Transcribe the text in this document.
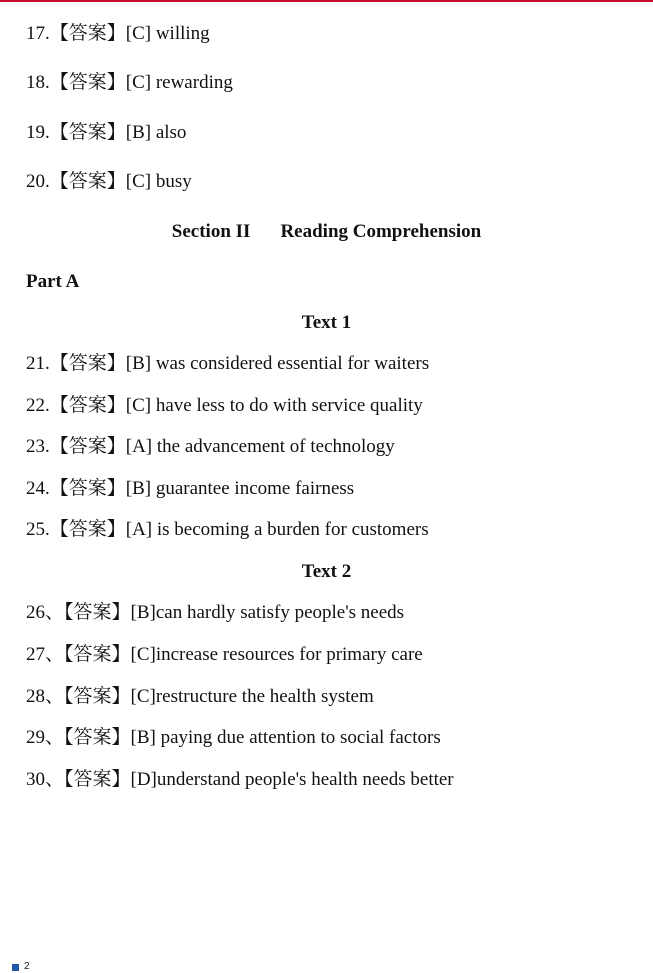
17.【答案】[C] willing
18.【答案】[C] rewarding
19.【答案】[B] also
20.【答案】[C] busy
Section II Reading Comprehension
Part A
Text 1
21.【答案】[B] was considered essential for waiters
22.【答案】[C] have less to do with service quality
23.【答案】[A] the advancement of technology
24.【答案】[B] guarantee income fairness
25.【答案】[A] is becoming a burden for customers
Text 2
26、【答案】[B]can hardly satisfy people's needs
27、【答案】[C]increase resources for primary care
28、【答案】[C]restructure the health system
29、【答案】[B] paying due attention to social factors
30、【答案】[D]understand people's health needs better
2
